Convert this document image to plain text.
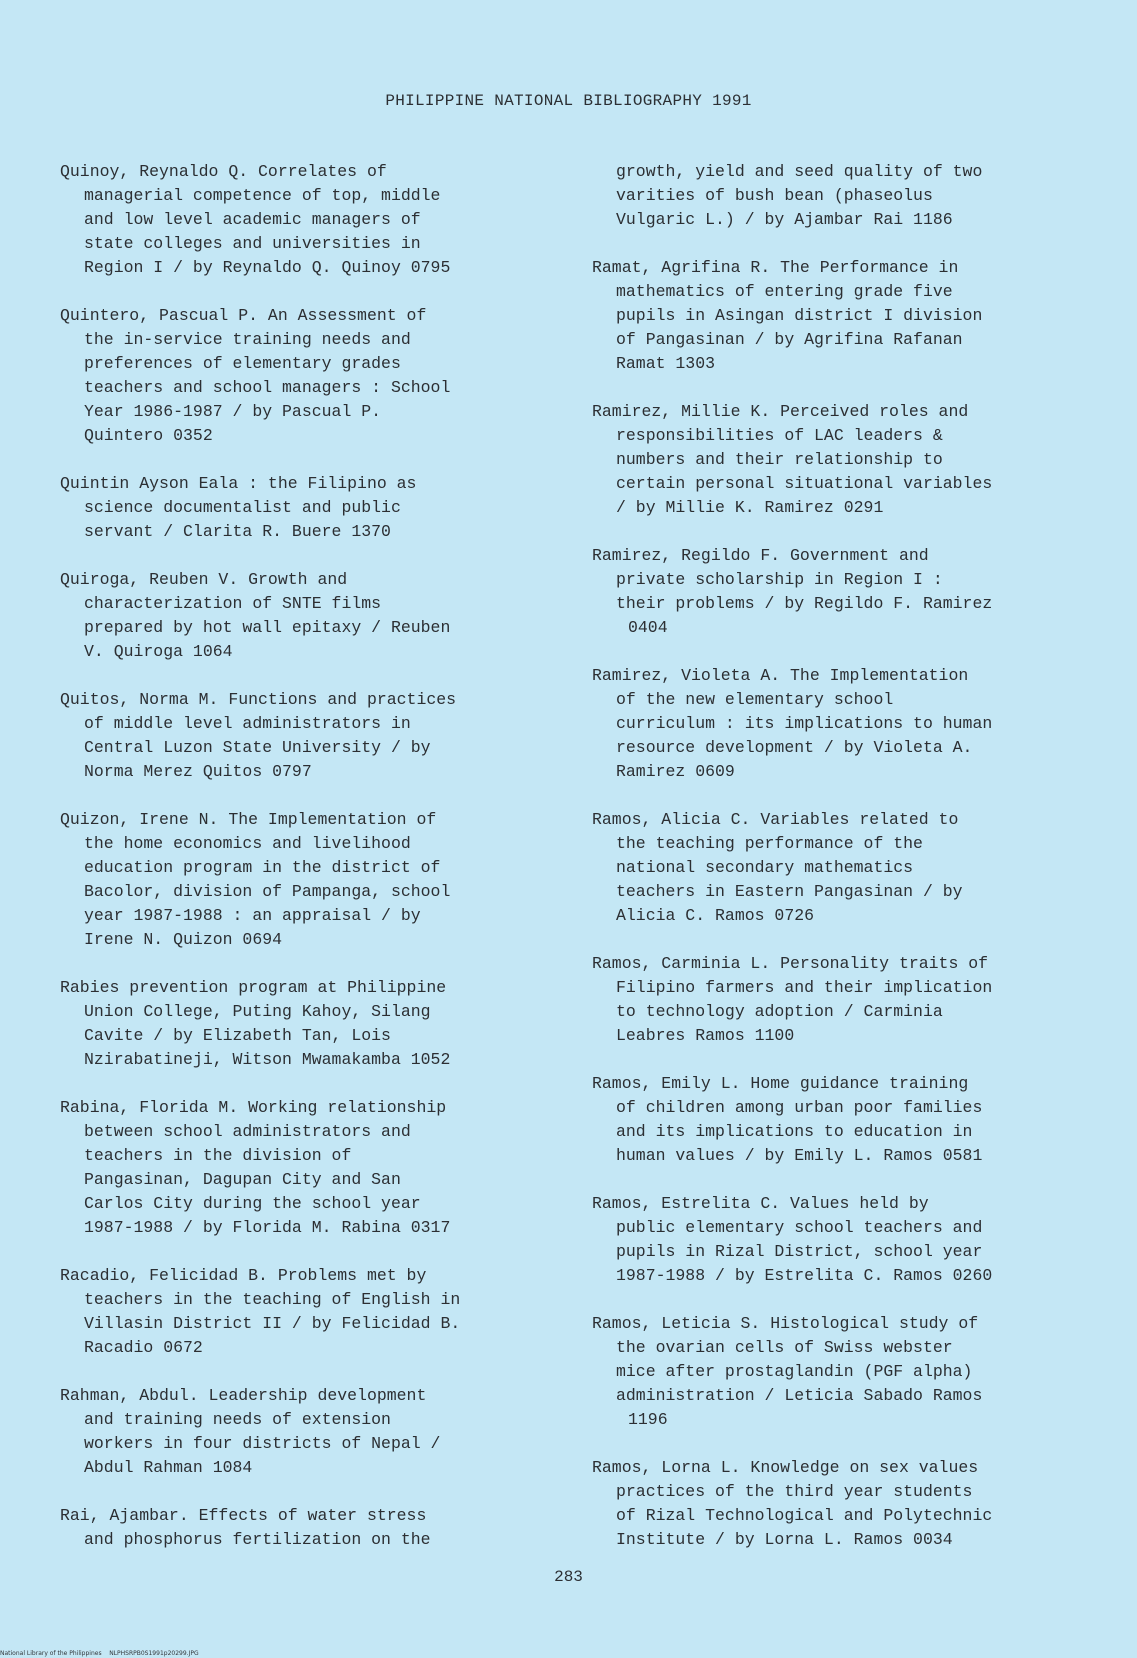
PHILIPPINE NATIONAL BIBLIOGRAPHY 1991
Quinoy, Reynaldo Q. Correlates of
managerial competence of top, middle
and low level academic managers of
state colleges and universities in
Region I / by Reynaldo Q. Quinoy 0795
Quintero, Pascual P. An Assessment of
the in-service training needs and
preferences of elementary grades
teachers and school managers : School
Year 1986-1987 / by Pascual P.
Quintero 0352
Quintin Ayson Eala : the Filipino as
science documentalist and public
servant / Clarita R. Buere 1370
Quiroga, Reuben V. Growth and
characterization of SNTE films
prepared by hot wall epitaxy / Reuben
V. Quiroga 1064
Quitos, Norma M. Functions and practices
of middle level administrators in
Central Luzon State University / by
Norma Merez Quitos 0797
Quizon, Irene N. The Implementation of
the home economics and livelihood
education program in the district of
Bacolor, division of Pampanga, school
year 1987-1988 : an appraisal / by
Irene N. Quizon 0694
Rabies prevention program at Philippine
Union College, Puting Kahoy, Silang
Cavite / by Elizabeth Tan, Lois
Nzirabatineji, Witson Mwamakamba 1052
Rabina, Florida M. Working relationship
between school administrators and
teachers in the division of
Pangasinan, Dagupan City and San
Carlos City during the school year
1987-1988 / by Florida M. Rabina 0317
Racadio, Felicidad B. Problems met by
teachers in the teaching of English in
Villasin District II / by Felicidad B.
Racadio 0672
Rahman, Abdul. Leadership development
and training needs of extension
workers in four districts of Nepal /
Abdul Rahman 1084
Rai, Ajambar. Effects of water stress
and phosphorus fertilization on the
growth, yield and seed quality of two
varities of bush bean (phaseolus
Vulgaric L.) / by Ajambar Rai 1186
Ramat, Agrifina R. The Performance in
mathematics of entering grade five
pupils in Asingan district I division
of Pangasinan / by Agrifina Rafanan
Ramat 1303
Ramirez, Millie K. Perceived roles and
responsibilities of LAC leaders &
numbers and their relationship to
certain personal situational variables
/ by Millie K. Ramirez 0291
Ramirez, Regildo F. Government and
private scholarship in Region I :
their problems / by Regildo F. Ramirez
0404
Ramirez, Violeta A. The Implementation
of the new elementary school
curriculum : its implications to human
resource development / by Violeta A.
Ramirez 0609
Ramos, Alicia C. Variables related to
the teaching performance of the
national secondary mathematics
teachers in Eastern Pangasinan / by
Alicia C. Ramos 0726
Ramos, Carminia L. Personality traits of
Filipino farmers and their implication
to technology adoption / Carminia
Leabres Ramos 1100
Ramos, Emily L. Home guidance training
of children among urban poor families
and its implications to education in
human values / by Emily L. Ramos 0581
Ramos, Estrelita C. Values held by
public elementary school teachers and
pupils in Rizal District, school year
1987-1988 / by Estrelita C. Ramos 0260
Ramos, Leticia S. Histological study of
the ovarian cells of Swiss webster
mice after prostaglandin (PGF alpha)
administration / Leticia Sabado Ramos
1196
Ramos, Lorna L. Knowledge on sex values
practices of the third year students
of Rizal Technological and Polytechnic
Institute / by Lorna L. Ramos 0034
283
National Library of the Philippines    NLPHSRPB0S1991p20299.JPG
